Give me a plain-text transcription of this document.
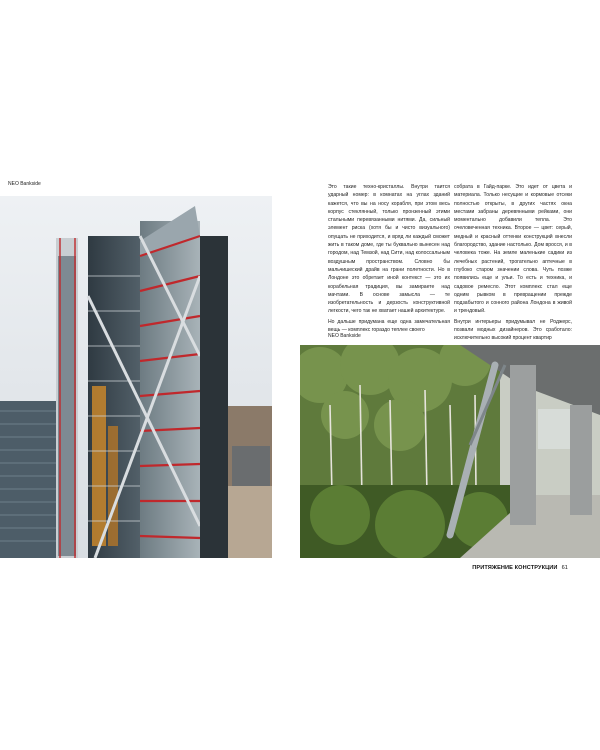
NEO Bankside	Это такие техно-кристаллы. Внутри таится ударный номер: в комнатах на углах зданий кажется, что вы на носу корабля, при этом весь корпус стеклянный, только пронзенный этими стальными перевязанными нитями. Да, сильный элемент риска (хотя бы и чисто визуального) опущать не приходится, и вряд ли каждый сможет жить в таком доме, где ты буквально вынесен над городом, над Темзой, над Сити, над колоссальным воздушным пространством. Словно бы мальчишеский драйв на грани полетности. Но в Лондоне это обретает иной контекст — это их корабельная традиция, вы замираете над мачтами. В основе замысла — те изобретательность и дерзость конструктивной легкости, чего так не хватает нашей архитектуре.

Но дальше придумана еще одна замечательная вещь — комплекс гораздо теплее своего

собрата в Гайд-парке. Это идет от цвета и материала. Только несущие и кормовые отсеки полностью открыты, в других частях окна местами забраны деревянными рейками, они моментально добавили тепла. Это очеловеченная техника. Второе — цвет: серый, медный и красный оттенки конструкций внесли благородство, здание настолько. Дом вросся, и в человека тоже. На земле маленькие садики из лечебных растений, трогательно аптечные в глубоко старом значении слова. Чуть позже появились еще и ульи. То есть и техника, и садовое ремесло. Этот комплекс стал еще одним рывком в превращении прежде подзабытого и сонного района Лондона в живой и трендовый.

Внутри интерьеры придумывал не Роджерс, позвали модных дизайнеров. Это сработало: исключительно высокий процент квартир

NEO Bankside
ПРИТЯЖЕНИЕ КОНСТРУКЦИИ 61
